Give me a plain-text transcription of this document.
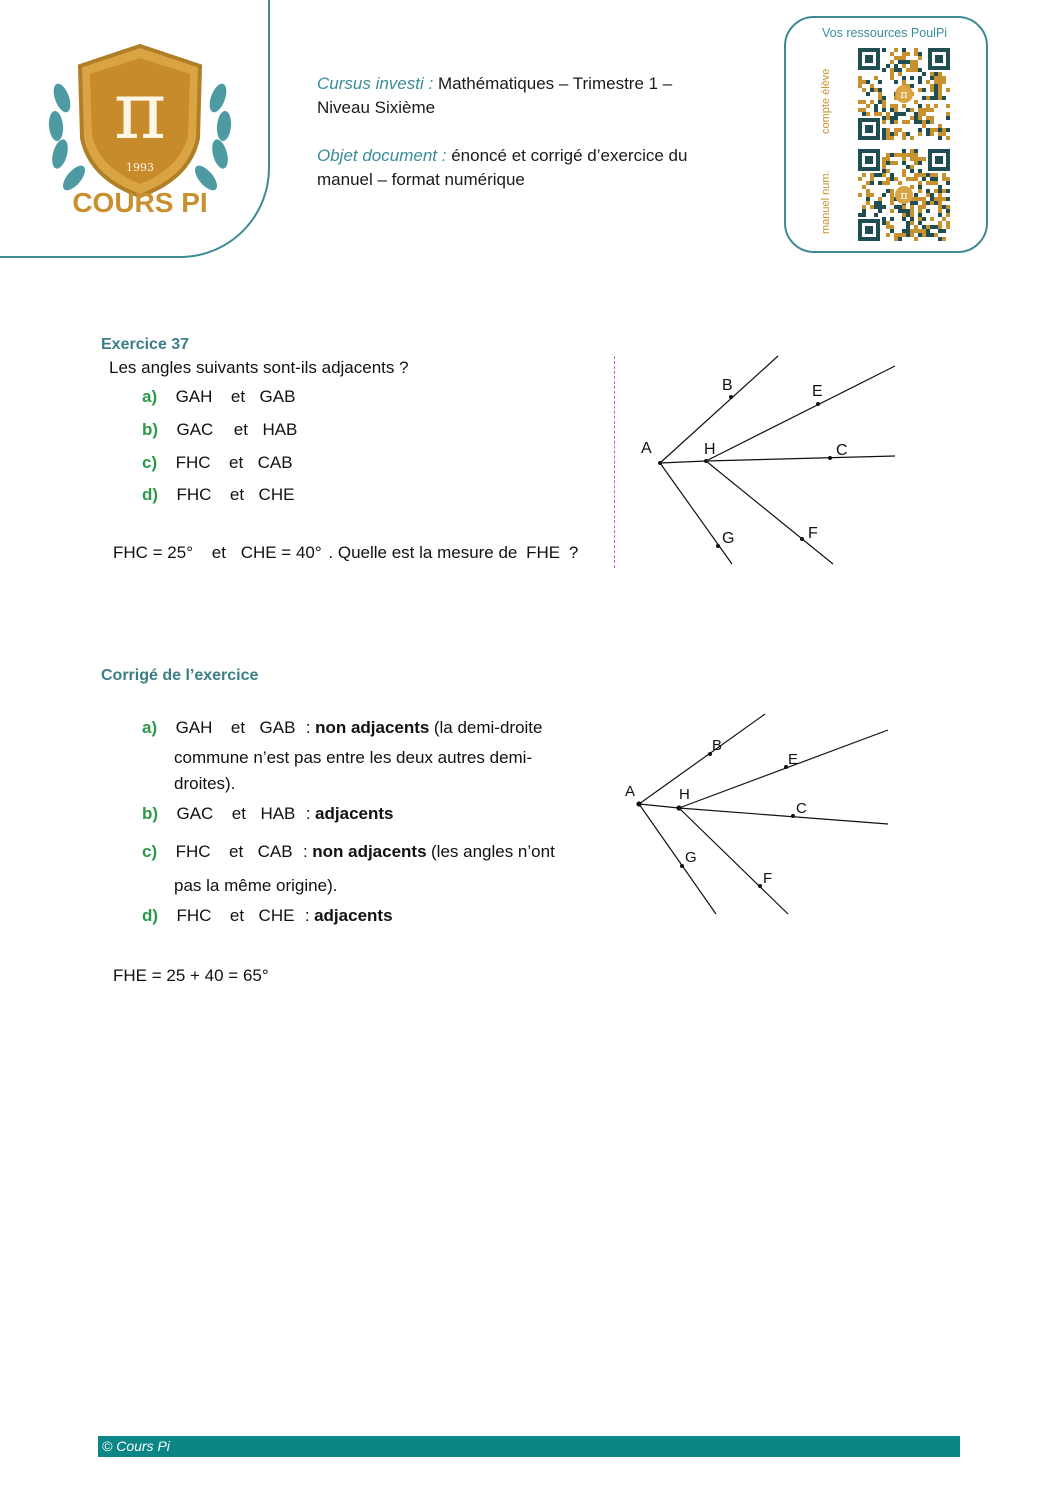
π
1993
COURS PI
Cursus investi : Mathématiques – Trimestre 1 –
Niveau Sixième
Objet document : énoncé et corrigé d’exercice du
manuel – format numérique
Vos ressources PoulPi
compte élève
manuel num.
π
π
Exercice 37
Les angles suivants sont-ils adjacents ?
a) GAH et GAB
b) GAC et HAB
c) FHC et CAB
d) FHC et CHE
FHC = 25° et CHE = 40° . Quelle est la mesure de FHE ?
A
B	E
H	C
G	F
Corrigé de l’exercice
a) GAH et GAB : non adjacents (la demi-droite
commune n’est pas entre les deux autres demi-
droites).
b) GAC et HAB : adjacents
c) FHC et CAB : non adjacents (les angles n’ont
pas la même origine).
d) FHC et CHE : adjacents
FHE = 25 + 40 = 65°
A
B
E
H
C
G
F
© Cours Pi
